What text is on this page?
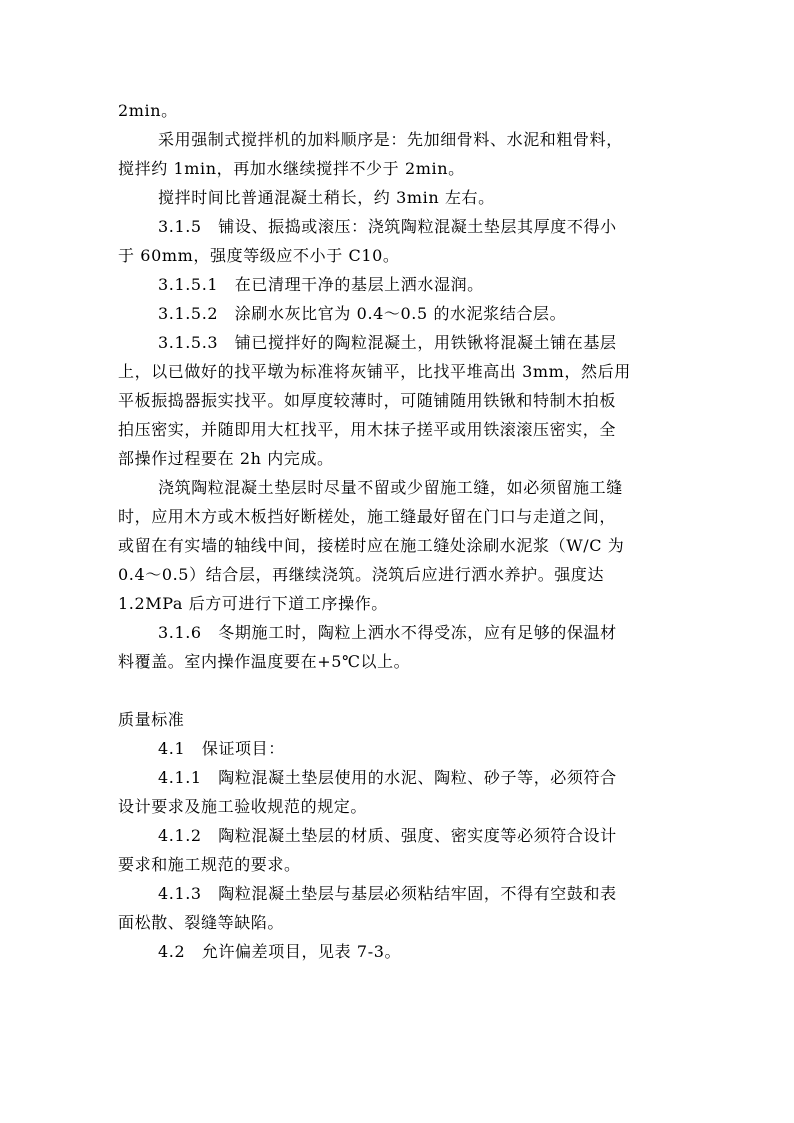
2min。
采用强制式搅拌机的加料顺序是：先加细骨料、水泥和粗骨料，
搅拌约 1min，再加水继续搅拌不少于 2min。
搅拌时间比普通混凝土稍长，约 3min 左右。
3.1.5　铺设、振捣或滚压：浇筑陶粒混凝土垫层其厚度不得小
于 60mm，强度等级应不小于 C10。
3.1.5.1　在已清理干净的基层上洒水湿润。
3.1.5.2　涂刷水灰比官为 0.4～0.5 的水泥浆结合层。
3.1.5.3　铺已搅拌好的陶粒混凝土，用铁锹将混凝土铺在基层
上，以已做好的找平墩为标准将灰铺平，比找平堆高出 3mm，然后用
平板振捣器振实找平。如厚度较薄时，可随铺随用铁锹和特制木拍板
拍压密实，并随即用大杠找平，用木抹子搓平或用铁滚滚压密实，全
部操作过程要在 2h 内完成。
浇筑陶粒混凝土垫层时尽量不留或少留施工缝，如必须留施工缝
时，应用木方或木板挡好断槎处，施工缝最好留在门口与走道之间，
或留在有实墙的轴线中间，接槎时应在施工缝处涂刷水泥浆（W/C 为
0.4～0.5）结合层，再继续浇筑。浇筑后应进行洒水养护。强度达
1.2MPa 后方可进行下道工序操作。
3.1.6　冬期施工时，陶粒上洒水不得受冻，应有足够的保温材
料覆盖。室内操作温度要在+5℃以上。
质量标准
4.1　保证项目：
4.1.1　陶粒混凝土垫层使用的水泥、陶粒、砂子等，必须符合
设计要求及施工验收规范的规定。
4.1.2　陶粒混凝土垫层的材质、强度、密实度等必须符合设计
要求和施工规范的要求。
4.1.3　陶粒混凝土垫层与基层必须粘结牢固，不得有空鼓和表
面松散、裂缝等缺陷。
4.2　允许偏差项目，见表 7-3。
